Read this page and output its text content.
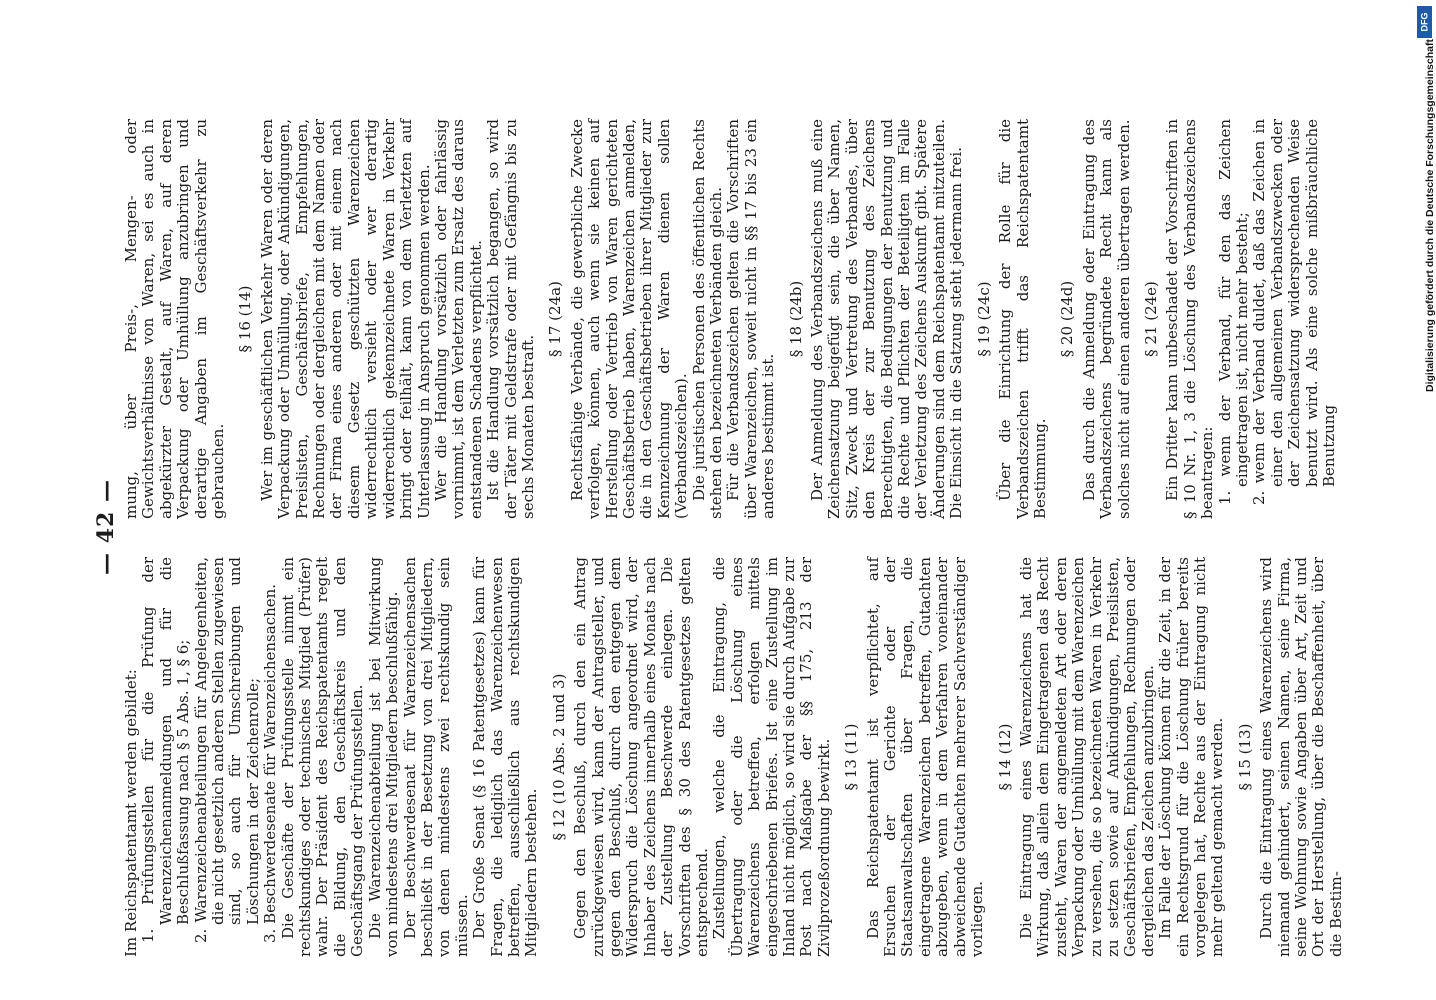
— 42 —

Im Reichspatentamt werden gebildet: 1. Prüfungsstellen für die Prüfung der Warenzeichenanmeldungen und für die Beschlußfassung nach § 5 Abs. 1, § 6; 2. Warenzeichenabteilungen für Angelegenheiten, die nicht gesetzlich anderen Stellen zugewiesen sind, so auch für Umschreibungen und Löschungen in der Zeichenrolle; 3. Beschwerdesenate für Warenzeichensachen. Die Geschäfte der Prüfungsstelle nimmt ein rechtskundiges oder technisches Mitglied (Prüfer) wahr. Der Präsident des Reichspatentamts regelt die Bildung, den Geschäftskreis und den Geschäftsgang der Prüfungsstellen. Die Warenzeichenabteilung ist bei Mitwirkung von mindestens drei Mitgliedern beschlußfähig. Der Beschwerdesenat für Warenzeichensachen beschließt in der Besetzung von drei Mitgliedern, von denen mindestens zwei rechtskundig sein müssen. Der Große Senat (§ 16 Patentgesetzes) kann für Fragen, die lediglich das Warenzeichenwesen betreffen, ausschließlich aus rechtskundigen Mitgliedern bestehen.

§ 12 (10 Abs. 2 und 3) Gegen den Beschluß, durch den ein Antrag zurückgewiesen wird, kann der Antragsteller, und gegen den Beschluß, durch den entgegen dem Widerspruch die Löschung angeordnet wird, der Inhaber des Zeichens innerhalb eines Monats nach der Zustellung Beschwerde einlegen. Die Vorschriften des § 30 des Patentgesetzes gelten entsprechend. Zustellungen, welche die Eintragung, die Übertragung oder die Löschung eines Warenzeichens betreffen, erfolgen mittels eingeschriebenen Briefes. Ist eine Zustellung im Inland nicht möglich, so wird sie durch Aufgabe zur Post nach Maßgabe der §§ 175, 213 der Zivilprozeßordnung bewirkt. § 13 (11) Das Reichspatentamt ist verpflichtet, auf Ersuchen der Gerichte oder der Staatsanwaltschaften über Fragen, die eingetragene Warenzeichen betreffen, Gutachten abzugeben, wenn in dem Verfahren voneinander abweichende Gutachten mehrerer Sachverständiger vorliegen.

§ 14 (12) Die Eintragung eines Warenzeichens hat die Wirkung, daß allein dem Eingetragenen das Recht zusteht, Waren der angemeldeten Art oder deren Verpackung oder Umhüllung mit dem Warenzeichen zu versehen, die so bezeichneten Waren in Verkehr zu setzen sowie auf Ankündigungen, Preislisten, Geschäftsbriefen, Empfehlungen, Rechnungen oder dergleichen das Zeichen anzubringen. Im Falle der Löschung können für die Zeit, in der ein Rechtsgrund für die Löschung früher bereits vorgelegen hat, Rechte aus der Eintragung nicht mehr geltend gemacht werden. § 15 (13) Durch die Eintragung eines Warenzeichens wird niemand gehindert, seinen Namen, seine Firma, seine Wohnung sowie Angaben über Art, Zeit und Ort der Herstellung, über die Beschaffenheit, über die Bestim-

mung, über Preis-, Mengen- oder Gewichtsverhältnisse von Waren, sei es auch in abgekürzter Gestalt, auf Waren, auf deren Verpackung oder Umhüllung anzubringen und derartige Angaben im Geschäftsverkehr zu gebrauchen.

§ 16 (14) Wer im geschäftlichen Verkehr Waren oder deren Verpackung oder Umhüllung, oder Ankündigungen, Preislisten, Geschäftsbriefe, Empfehlungen, Rechnungen oder dergleichen mit dem Namen oder der Firma eines anderen oder mit einem nach diesem Gesetz geschützten Warenzeichen widerrechtlich versieht oder wer derartig widerrechtlich gekennzeichnete Waren in Verkehr bringt oder feilhält, kann von dem Verletzten auf Unterlassung in Anspruch genommen werden. Wer die Handlung vorsätzlich oder fahrlässig vornimmt, ist dem Verletzten zum Ersatz des daraus entstandenen Schadens verpflichtet. Ist die Handlung vorsätzlich begangen, so wird der Täter mit Geldstrafe oder mit Gefängnis bis zu sechs Monaten bestraft.

§ 17 (24a) Rechtsfähige Verbände, die gewerbliche Zwecke verfolgen, können, auch wenn sie keinen auf Herstellung oder Vertrieb von Waren gerichteten Geschäftsbetrieb haben, Warenzeichen anmelden, die in den Geschäftsbetrieben ihrer Mitglieder zur Kennzeichnung der Waren dienen sollen (Verbandszeichen). Die juristischen Personen des öffentlichen Rechts stehen den bezeichneten Verbänden gleich. Für die Verbandszeichen gelten die Vorschriften über Warenzeichen, soweit nicht in §§ 17 bis 23 ein anderes bestimmt ist.

§ 18 (24b) Der Anmeldung des Verbandszeichens muß eine Zeichensatzung beigefügt sein, die über Namen, Sitz, Zweck und Vertretung des Verbandes, über den Kreis der zur Benutzung des Zeichens Berechtigten, die Bedingungen der Benutzung und die Rechte und Pflichten der Beteiligten im Falle der Verletzung des Zeichens Auskunft gibt. Spätere Änderungen sind dem Reichspatentamt mitzuteilen. Die Einsicht in die Satzung steht jedermann frei. § 19 (24c) Über die Einrichtung der Rolle für die Verbandszeichen trifft das Reichspatentamt Bestimmung.

§ 20 (24d) Das durch die Anmeldung oder Eintragung des Verbandszeichens begründete Recht kann als solches nicht auf einen anderen übertragen werden. § 21 (24e) Ein Dritter kann unbeschadet der Vorschriften in § 10 Nr. 1, 3 die Löschung des Verbandszeichens beantragen: 1. wenn der Verband, für den das Zeichen eingetragen ist, nicht mehr besteht; 2. wenn der Verband duldet, daß das Zeichen in einer den allgemeinen Verbandszwecken oder der Zeichensatzung widersprechenden Weise benutzt wird. Als eine solche mißbräuchliche Benutzung

DFG
Digitalisierung gefördert durch die Deutsche Forschungsgemeinschaft
